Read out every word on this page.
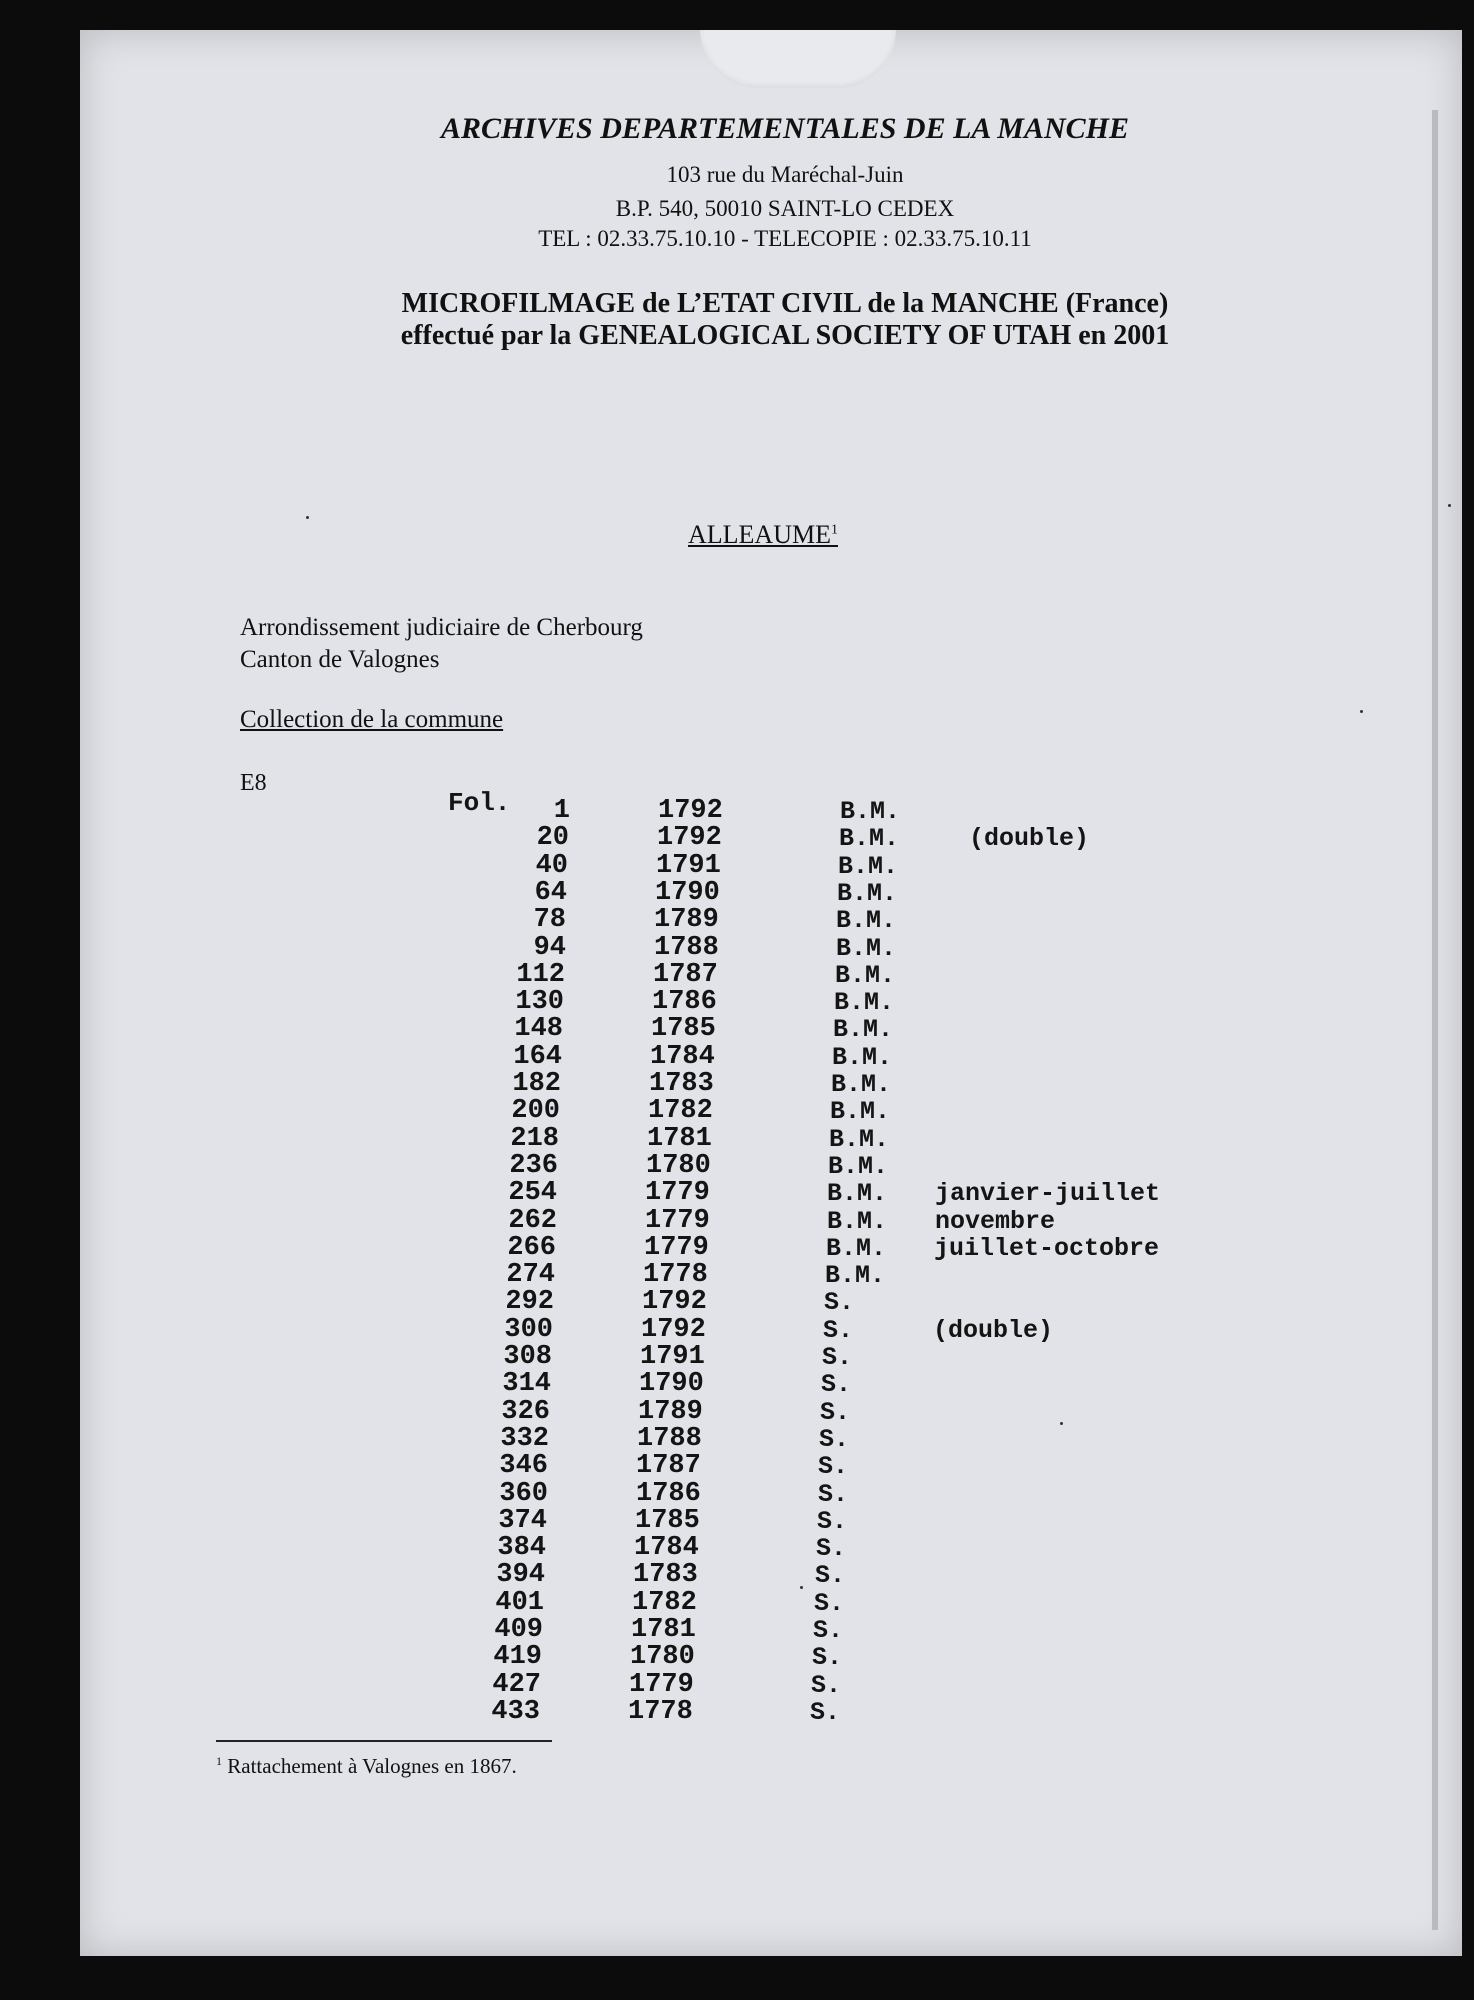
ARCHIVES DEPARTEMENTALES DE LA MANCHE
103 rue du Maréchal-Juin
B.P. 540, 50010 SAINT-LO CEDEX
TEL : 02.33.75.10.10 - TELECOPIE : 02.33.75.10.11
MICROFILMAGE de L’ETAT CIVIL de la MANCHE (France)
effectué par la GENEALOGICAL SOCIETY OF UTAH en 2001
ALLEAUME$^1$
Arrondissement judiciaire de Cherbourg
Canton de Valognes
Collection de la commune
E8
Fol.	1	1792	B.M.
20	1792	B.M.	(double)
40	1791	B.M.
64	1790	B.M.
78	1789	B.M.
94	1788	B.M.
112	1787	B.M.
130	1786	B.M.
148	1785	B.M.
164	1784	B.M.
182	1783	B.M.
200	1782	B.M.
218	1781	B.M.
236	1780	B.M.
254	1779	B.M. janvier-juillet
262	1779	B.M. novembre
266	1779	B.M. juillet-octobre
274	1778	B.M.
292	1792	S.
300	1792	S.	(double)
308	1791	S.
314	1790	S.
326	1789	S.
332	1788	S.
346	1787	S.
360	1786	S.
374	1785	S.
384	1784	S.
394	1783	S.
401	1782	S.
409	1781	S.
419	1780	S.
427	1779	S.
433	1778	S.
$^1$ Rattachement à Valognes en 1867.
